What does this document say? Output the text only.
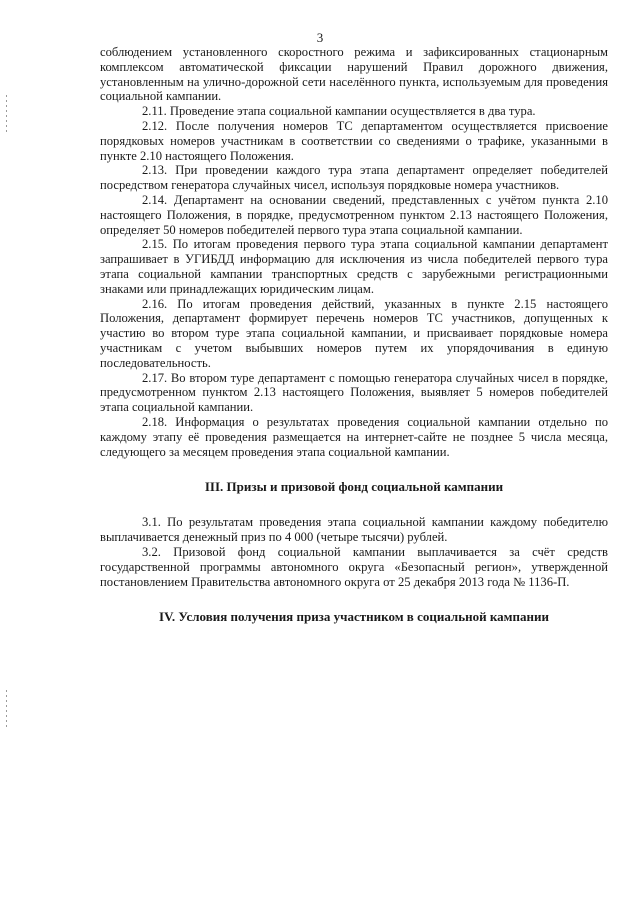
3

соблюдением установленного скоростного режима и зафиксированных стационарным комплексом автоматической фиксации нарушений Правил дорожного движения, установленным на улично-дорожной сети населённого пункта, используемым для проведения социальной кампании.

2.11. Проведение этапа социальной кампании осуществляется в два тура.

2.12. После получения номеров ТС департаментом осуществляется присвоение порядковых номеров участникам в соответствии со сведениями о трафике, указанными в пункте 2.10 настоящего Положения.

2.13. При проведении каждого тура этапа департамент определяет победителей посредством генератора случайных чисел, используя порядковые номера участников.

2.14. Департамент на основании сведений, представленных с учётом пункта 2.10 настоящего Положения, в порядке, предусмотренном пунктом 2.13 настоящего Положения, определяет 50 номеров победителей первого тура этапа социальной кампании.

2.15. По итогам проведения первого тура этапа социальной кампании департамент запрашивает в УГИБДД информацию для исключения из числа победителей первого тура этапа социальной кампании транспортных средств с зарубежными регистрационными знаками или принадлежащих юридическим лицам.

2.16. По итогам проведения действий, указанных в пункте 2.15 настоящего Положения, департамент формирует перечень номеров ТС участников, допущенных к участию во втором туре этапа социальной кампании, и присваивает порядковые номера участникам с учетом выбывших номеров путем их упорядочивания в единую последовательность.

2.17. Во втором туре департамент с помощью генератора случайных чисел в порядке, предусмотренном пунктом 2.13 настоящего Положения, выявляет 5 номеров победителей этапа социальной кампании.

2.18. Информация о результатах проведения социальной кампании отдельно по каждому этапу её проведения размещается на интернет-сайте не позднее 5 числа месяца, следующего за месяцем проведения этапа социальной кампании.

III. Призы и призовой фонд социальной кампании

3.1. По результатам проведения этапа социальной кампании каждому победителю выплачивается денежный приз по 4 000 (четыре тысячи) рублей.

3.2. Призовой фонд социальной кампании выплачивается за счёт средств государственной программы автономного округа «Безопасный регион», утвержденной постановлением Правительства автономного округа от 25 декабря 2013 года № 1136-П.

IV. Условия получения приза участником в социальной кампании
